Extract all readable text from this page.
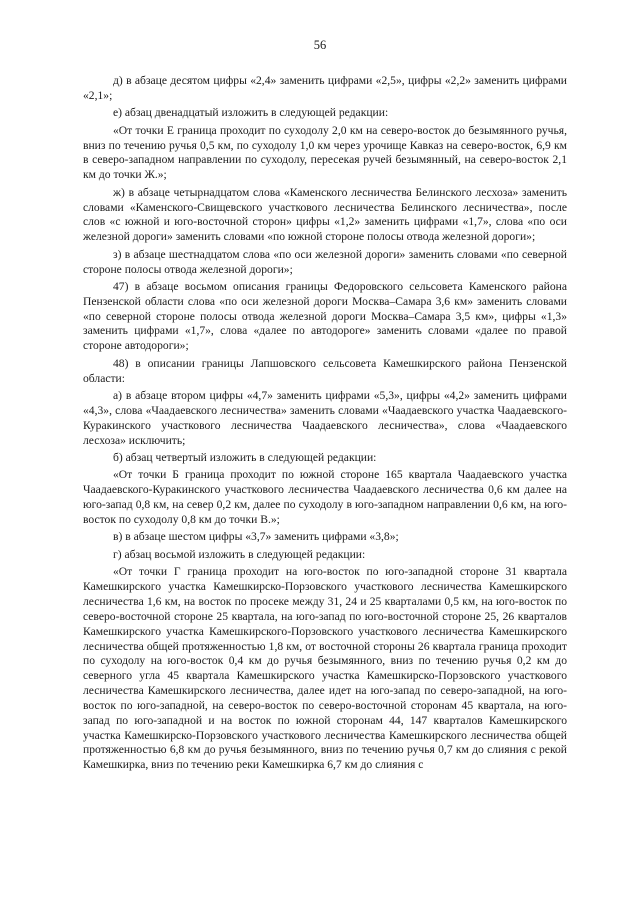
56

д) в абзаце десятом цифры «2,4» заменить цифрами «2,5», цифры «2,2» заменить цифрами «2,1»;

е) абзац двенадцатый изложить в следующей редакции:

«От точки Е граница проходит по суходолу 2,0 км на северо-восток до безымянного ручья, вниз по течению ручья 0,5 км, по суходолу 1,0 км через урочище Кавказ на северо-восток, 6,9 км в северо-западном направлении по суходолу, пересекая ручей безымянный, на северо-восток 2,1 км до точки Ж.»;

ж) в абзаце четырнадцатом слова «Каменского лесничества Белинского лесхоза» заменить словами «Каменского-Свищевского участкового лесничества Белинского лесничества», после слов «с южной и юго-восточной сторон» цифры «1,2» заменить цифрами «1,7», слова «по оси железной дороги» заменить словами «по южной стороне полосы отвода железной дороги»;

з) в абзаце шестнадцатом слова «по оси железной дороги» заменить словами «по северной стороне полосы отвода железной дороги»;

47) в абзаце восьмом описания границы Федоровского сельсовета Каменского района Пензенской области слова «по оси железной дороги Москва–Самара 3,6 км» заменить словами «по северной стороне полосы отвода железной дороги Москва–Самара 3,5 км», цифры «1,3» заменить цифрами «1,7», слова «далее по автодороге» заменить словами «далее по правой стороне автодороги»;

48) в описании границы Лапшовского сельсовета Камешкирского района Пензенской области:

а) в абзаце втором цифры «4,7» заменить цифрами «5,3», цифры «4,2» заменить цифрами «4,3», слова «Чаадаевского лесничества» заменить словами «Чаадаевского участка Чаадаевского-Куракинского участкового лесничества Чаадаевского лесничества», слова «Чаадаевского лесхоза» исключить;

б) абзац четвертый изложить в следующей редакции:

«От точки Б граница проходит по южной стороне 165 квартала Чаадаевского участка Чаадаевского-Куракинского участкового лесничества Чаадаевского лесничества 0,6 км далее на юго-запад 0,8 км, на север 0,2 км, далее по суходолу в юго-западном направлении 0,6 км, на юго-восток по суходолу 0,8 км до точки В.»;

в) в абзаце шестом цифры «3,7» заменить цифрами «3,8»;

г) абзац восьмой изложить в следующей редакции:

«От точки Г граница проходит на юго-восток по юго-западной стороне 31 квартала Камешкирского участка Камешкирско-Порзовского участкового лесничества Камешкирского лесничества 1,6 км, на восток по просеке между 31, 24 и 25 кварталами 0,5 км, на юго-восток по северо-восточной стороне 25 квартала, на юго-запад по юго-восточной стороне 25, 26 кварталов Камешкирского участка Камешкирского-Порзовского участкового лесничества Камешкирского лесничества общей протяженностью 1,8 км, от восточной стороны 26 квартала граница проходит по суходолу на юго-восток 0,4 км до ручья безымянного, вниз по течению ручья 0,2 км до северного угла 45 квартала Камешкирского участка Камешкирско-Порзовского участкового лесничества Камешкирского лесничества, далее идет на юго-запад по северо-западной, на юго-восток по юго-западной, на северо-восток по северо-восточной сторонам 45 квартала, на юго-запад по юго-западной и на восток по южной сторонам 44, 147 кварталов Камешкирского участка Камешкирско-Порзовского участкового лесничества Камешкирского лесничества общей протяженностью 6,8 км до ручья безымянного, вниз по течению ручья 0,7 км до слияния с рекой Камешкирка, вниз по течению реки Камешкирка 6,7 км до слияния с
